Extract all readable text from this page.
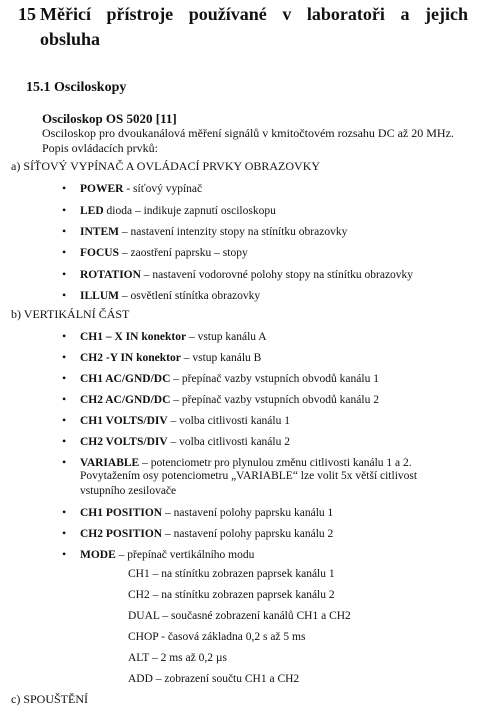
15 Měřicí přístroje používané v laboratoři a jejich
obsluha
15.1 Osciloskopy
Osciloskop OS 5020 [11]
Osciloskop pro dvoukanálová měření signálů v kmitočtovém rozsahu DC až 20 MHz.
Popis ovládacích prvků:
a) SÍŤOVÝ VYPÍNAČ A OVLÁDACÍ PRVKY OBRAZOVKY
• POWER - síťový vypínač
• LED dioda – indikuje zapnutí osciloskopu
• INTEM – nastavení intenzity stopy na stínítku obrazovky
• FOCUS – zaostření paprsku – stopy
• ROTATION – nastavení vodorovné polohy stopy na stínítku obrazovky
• ILLUM – osvětlení stínítka obrazovky
b) VERTIKÁLNÍ ČÁST
• CH1 – X IN konektor – vstup kanálu A
• CH2 -Y IN konektor – vstup kanálu B
• CH1 AC/GND/DC – přepínač vazby vstupních obvodů kanálu 1
• CH2 AC/GND/DC – přepínač vazby vstupních obvodů kanálu 2
• CH1 VOLTS/DIV – volba citlivosti kanálu 1
• CH2 VOLTS/DIV – volba citlivosti kanálu 2
• VARIABLE – potenciometr pro plynulou změnu citlivosti kanálu 1 a 2.
Povytažením osy potenciometru „VARIABLE“ lze volit 5x větší citlivost
vstupního zesilovače
• CH1 POSITION – nastavení polohy paprsku kanálu 1
• CH2 POSITION – nastavení polohy paprsku kanálu 2
• MODE – přepínač vertikálního modu
CH1 – na stínítku zobrazen paprsek kanálu 1
CH2 – na stínítku zobrazen paprsek kanálu 2
DUAL – současné zobrazení kanálů CH1 a CH2
CHOP - časová základna 0,2 s až 5 ms
ALT – 2 ms až 0,2 µs
ADD – zobrazení součtu CH1 a CH2
c) SPOUŠTĚNÍ
